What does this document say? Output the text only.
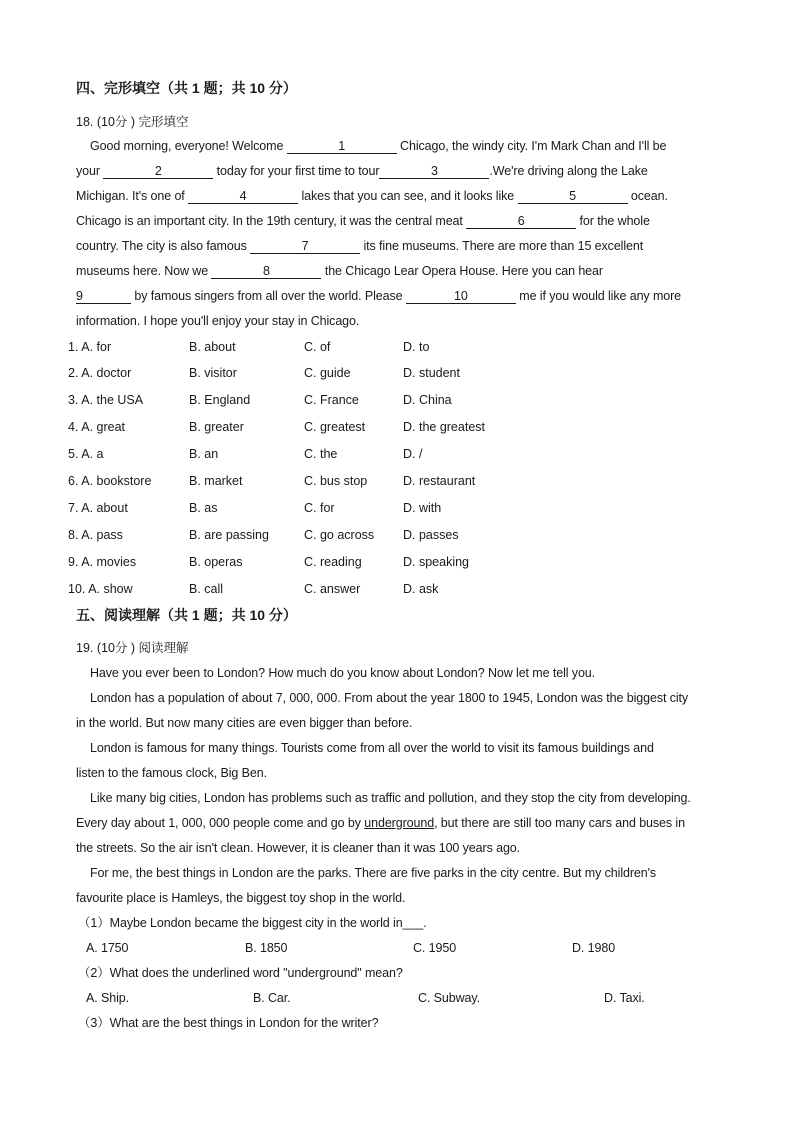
四、完形填空（共 1 题；共 10 分）
18. (10分 ) 完形填空
Good morning, everyone! Welcome	1	Chicago, the windy city. I'm Mark Chan and I'll be
your	2	today for your first time to tour	3	.We're driving along the Lake
Michigan. It's one of	4	lakes that you can see, and it looks like	5	ocean.
Chicago is an important city. In the 19th century, it was the central meat	6	for the whole
country. The city is also famous	7	its fine museums. There are more than 15 excellent
museums here. Now we	8	the Chicago Lear Opera House. Here you can hear
9	by famous singers from all over the world. Please	10	me if you would like any more
information. I hope you'll enjoy your stay in Chicago.
1. A. for	B. about	C. of	D. to
2. A. doctor	B. visitor	C. guide	D. student
3. A. the USA	B. England	C. France	D. China
4. A. great	B. greater	C. greatest	D. the greatest
5. A. a	B. an	C. the	D. /
6. A. bookstore	B. market	C. bus stop	D. restaurant
7. A. about	B. as	C. for	D. with
8. A. pass	B. are passing	C. go across D. passes
9. A. movies	B. operas	C. reading	D. speaking
10. A. show	B. call	C. answer	D. ask
五、阅读理解（共 1 题；共 10 分）
19. (10分 ) 阅读理解
Have you ever been to London? How much do you know about London? Now let me tell you.
London has a population of about 7, 000, 000. From about the year 1800 to 1945, London was the biggest city
in the world. But now many cities are even bigger than before.
London is famous for many things. Tourists come from all over the world to visit its famous buildings and
listen to the famous clock, Big Ben.
Like many big cities, London has problems such as traffic and pollution, and they stop the city from developing.
Every day about 1, 000, 000 people come and go by underground, but there are still too many cars and buses in
the streets. So the air isn't clean. However, it is cleaner than it was 100 years ago.
For me, the best things in London are the parks. There are five parks in the city centre. But my children's
favourite place is Hamleys, the biggest toy shop in the world.
（1）Maybe London became the biggest city in the world in___.
A. 1750	B. 1850	C. 1950	D. 1980
（2）What does the underlined word "underground" mean?
A. Ship.	B. Car.	C. Subway.	D. Taxi.
（3）What are the best things in London for the writer?
